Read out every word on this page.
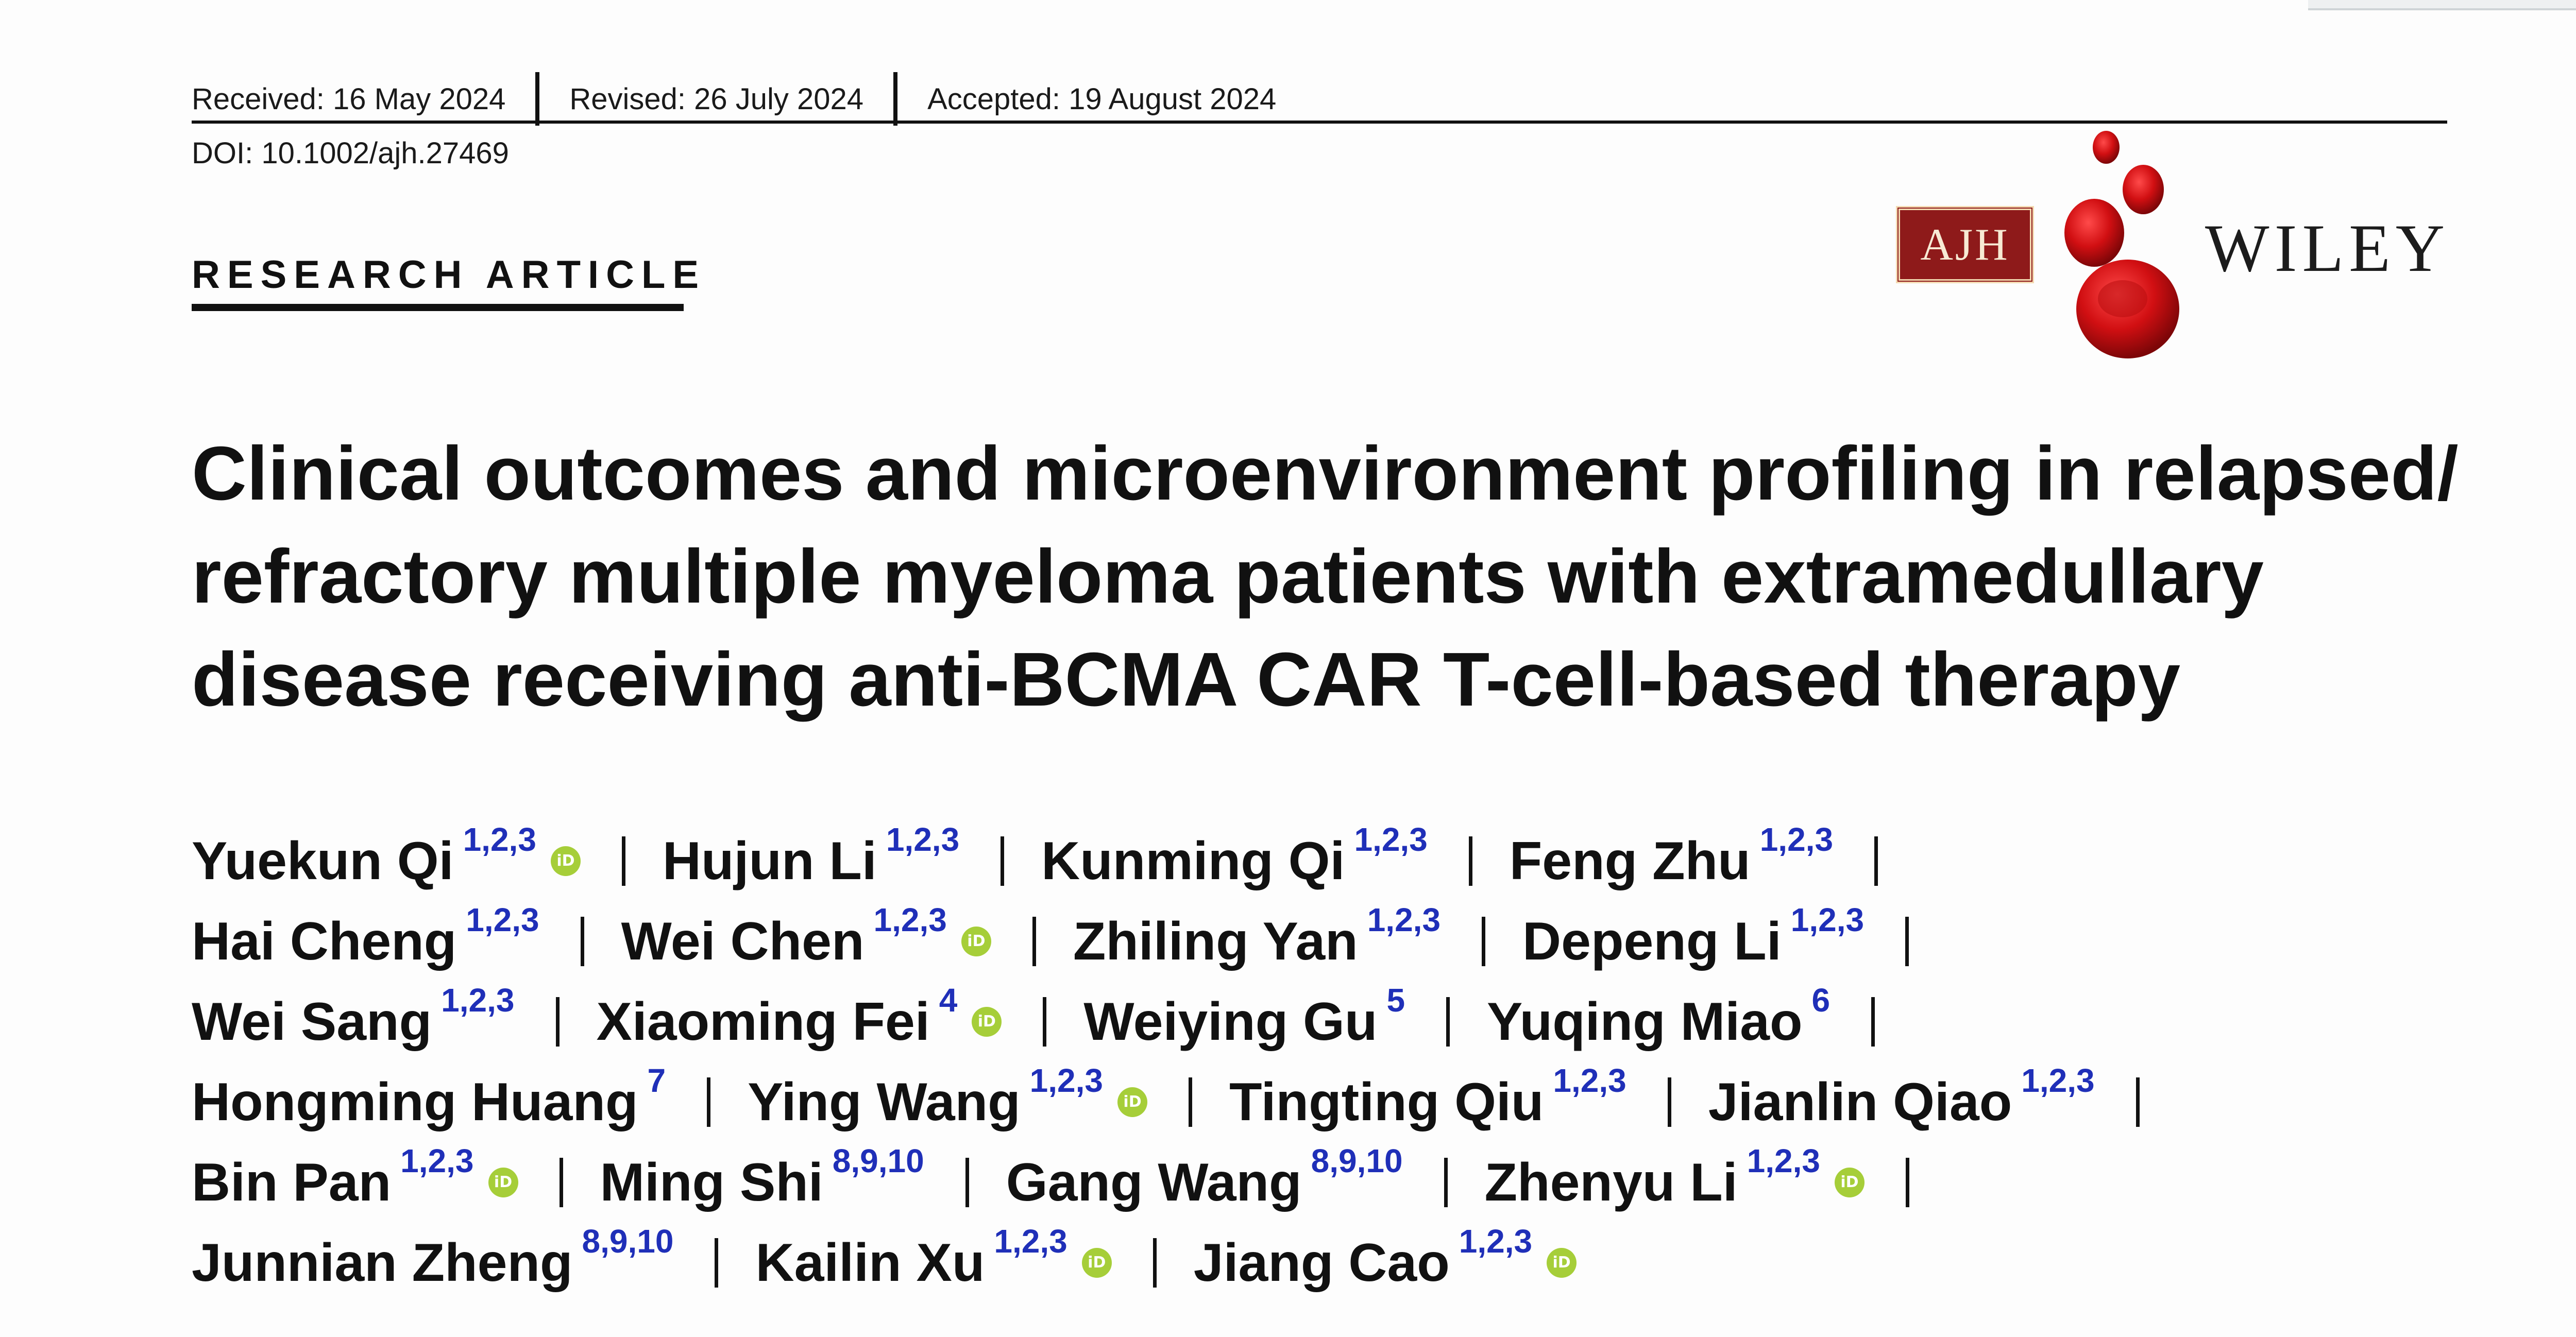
Received: 16 May 2024 Revised: 26 July 2024 Accepted: 19 August 2024
DOI: 10.1002/ajh.27469
RESEARCH ARTICLE
AJH	WILEY
Clinical outcomes and microenvironment profiling in relapsed/ refractory multiple myeloma patients with extramedullary disease receiving anti-BCMA CAR T-cell-based therapy
Yuekun Qi 1,2,3
iD Hujun Li 1,2,3 Kunming Qi 1,2,3 Feng Zhu 1,2,3
Hai Cheng 1,2,3 Wei Chen 1,2,3
iD Zhiling Yan 1,2,3 Depeng Li 1,2,3
Wei Sang 1,2,3 Xiaoming Fei 4
iD Weiying Gu 5 Yuqing Miao 6
Hongming Huang 7 Ying Wang 1,2,3
iD Tingting Qiu 1,2,3 Jianlin Qiao 1,2,3
Bin Pan 1,2,3
iD Ming Shi 8,9,10 Gang Wang 8,9,10 Zhenyu Li 1,2,3
iD
Junnian Zheng 8,9,10 Kailin Xu 1,2,3
iD Jiang Cao 1,2,3
iD
